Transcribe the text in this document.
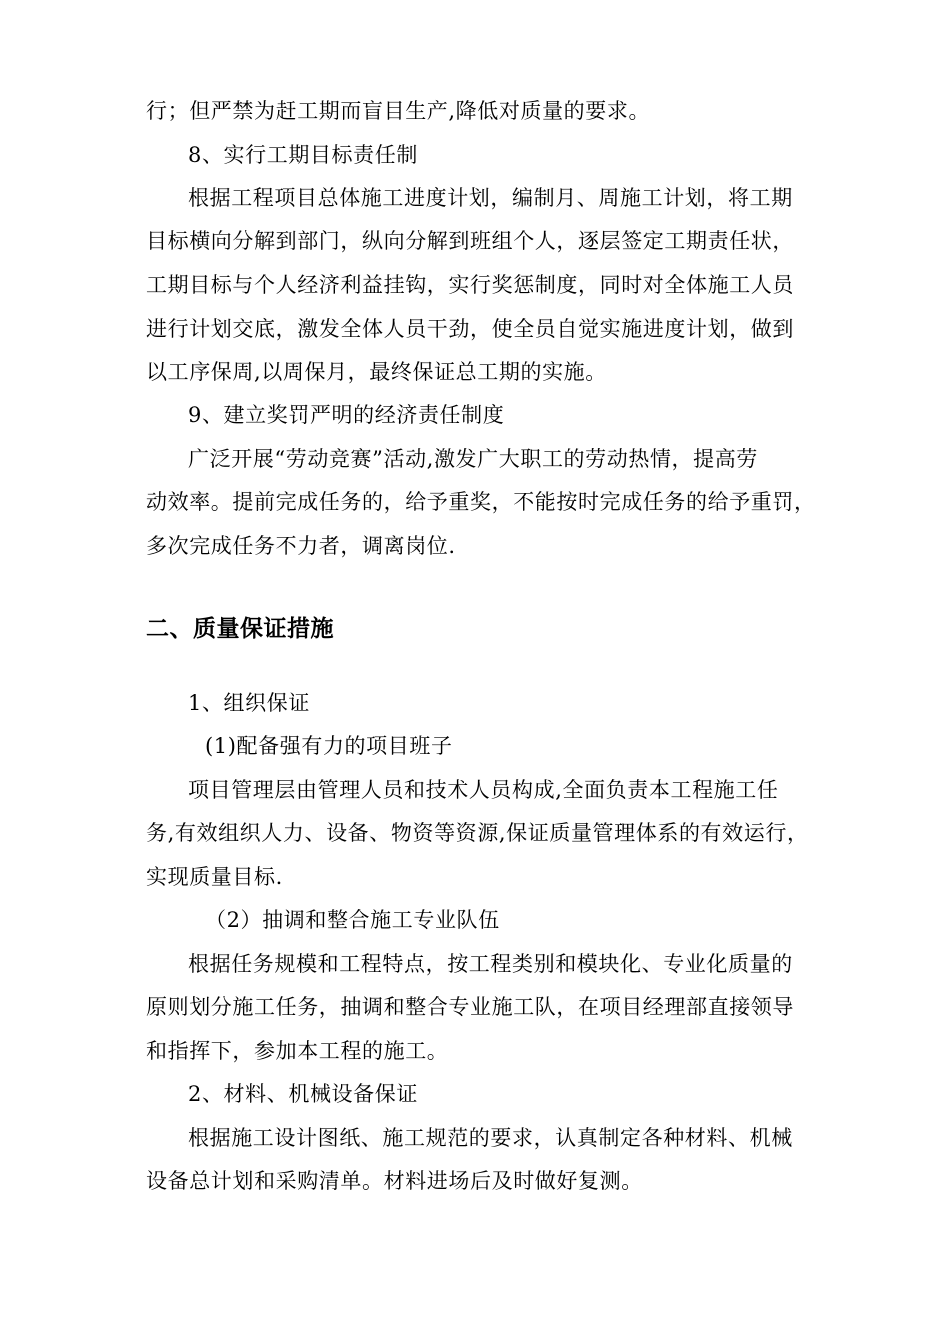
行；但严禁为赶工期而盲目生产,降低对质量的要求。
8、实行工期目标责任制
根据工程项目总体施工进度计划，编制月、周施工计划，将工期
目标横向分解到部门，纵向分解到班组个人，逐层签定工期责任状，
工期目标与个人经济利益挂钩，实行奖惩制度，同时对全体施工人员
进行计划交底，激发全体人员干劲，使全员自觉实施进度计划，做到
以工序保周,以周保月，最终保证总工期的实施。
9、建立奖罚严明的经济责任制度
广泛开展“劳动竞赛”活动,激发广大职工的劳动热情，提高劳
动效率。提前完成任务的，给予重奖，不能按时完成任务的给予重罚，
多次完成任务不力者，调离岗位.
二、质量保证措施
1、组织保证
(1)配备强有力的项目班子
项目管理层由管理人员和技术人员构成,全面负责本工程施工任
务,有效组织人力、设备、物资等资源,保证质量管理体系的有效运行，
实现质量目标.
（2）抽调和整合施工专业队伍
根据任务规模和工程特点，按工程类别和模块化、专业化质量的
原则划分施工任务，抽调和整合专业施工队，在项目经理部直接领导
和指挥下，参加本工程的施工。
2、材料、机械设备保证
根据施工设计图纸、施工规范的要求，认真制定各种材料、机械
设备总计划和采购清单。材料进场后及时做好复测。
